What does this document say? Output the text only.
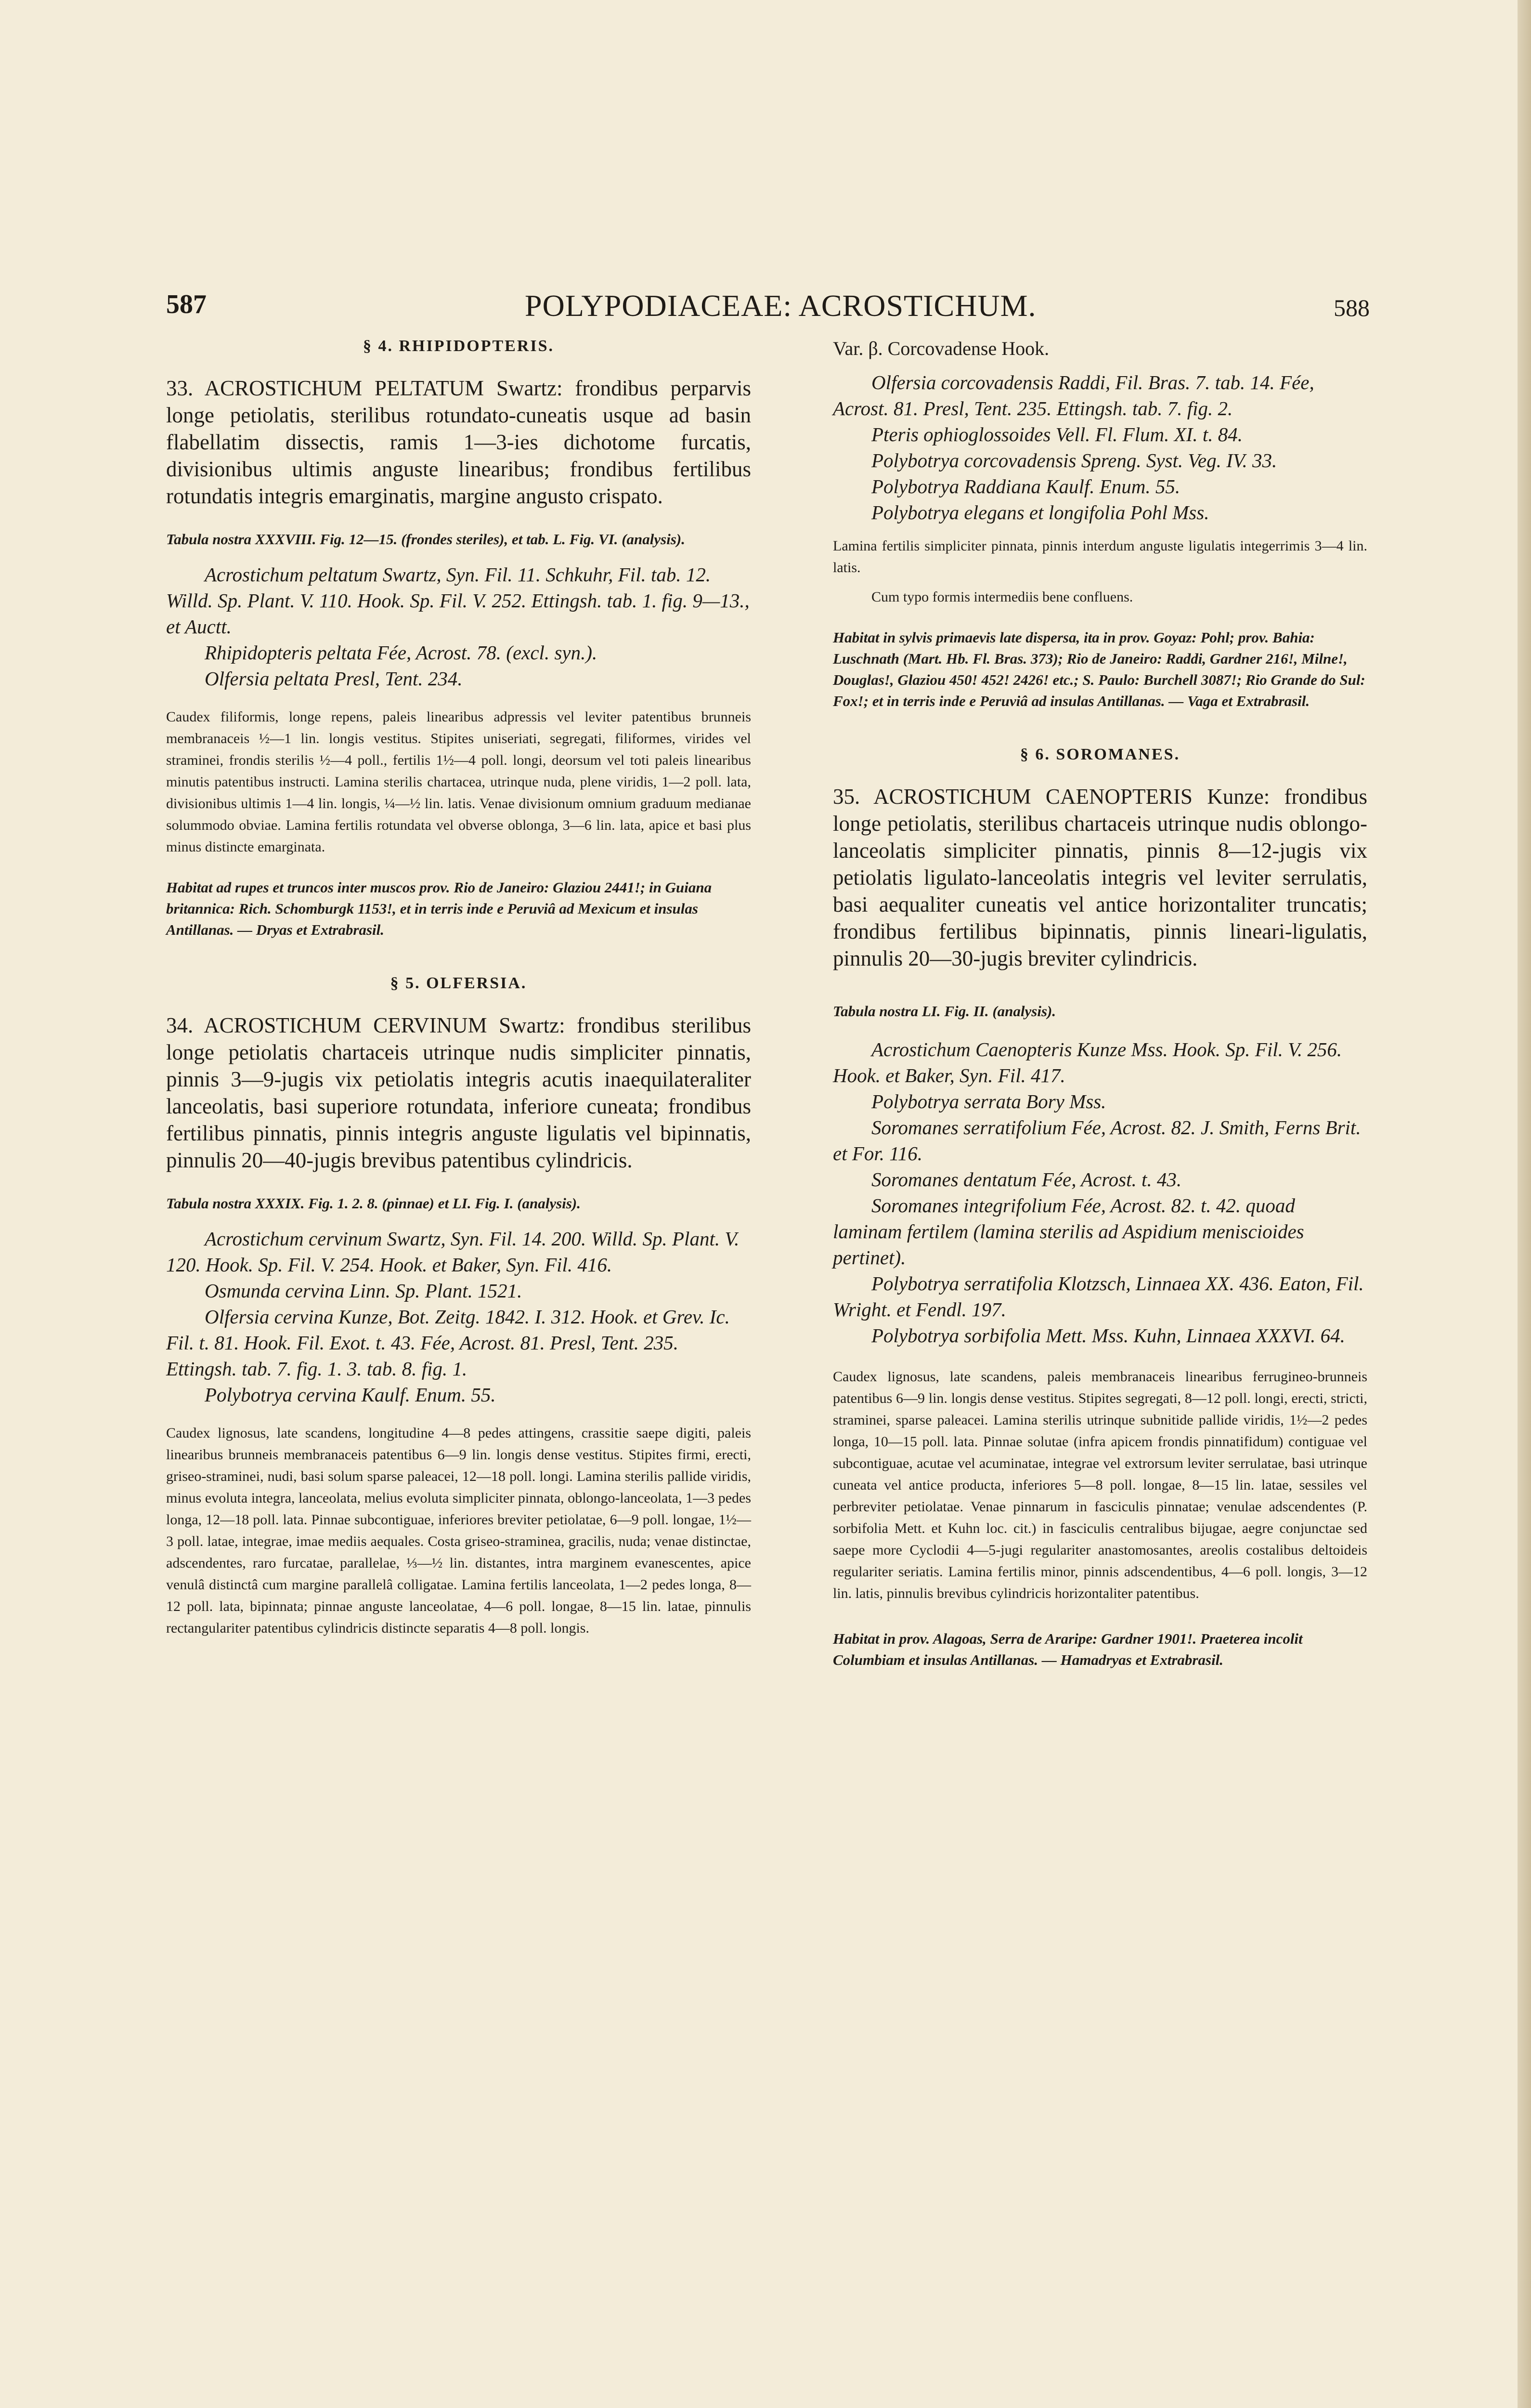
587	POLYPODIACEAE: ACROSTICHUM.	588

§ 4. RHIPIDOPTERIS.

33. ACROSTICHUM PELTATUM Swartz: frondibus perparvis longe petiolatis, sterilibus rotundato-cuneatis usque ad basin flabellatim dissectis, ramis 1—3-ies dichotome furcatis, divisionibus ultimis anguste linearibus; frondibus fertilibus rotundatis integris emarginatis, margine angusto crispato.

Tabula nostra XXXVIII. Fig. 12—15. (frondes steriles), et tab. L. Fig. VI. (analysis).

Acrostichum peltatum Swartz, Syn. Fil. 11. Schkuhr, Fil. tab. 12. Willd. Sp. Plant. V. 110. Hook. Sp. Fil. V. 252. Ettingsh. tab. 1. fig. 9—13., et Auctt.

Rhipidopteris peltata Fée, Acrost. 78. (excl. syn.).

Olfersia peltata Presl, Tent. 234.

Caudex filiformis, longe repens, paleis linearibus adpressis vel leviter patentibus brunneis membranaceis ½—1 lin. longis vestitus. Stipites uniseriati, segregati, filiformes, virides vel straminei, frondis sterilis ½—4 poll., fertilis 1½—4 poll. longi, deorsum vel toti paleis linearibus minutis patentibus instructi. Lamina sterilis chartacea, utrinque nuda, plene viridis, 1—2 poll. lata, divisionibus ultimis 1—4 lin. longis, ¼—½ lin. latis. Venae divisionum omnium graduum medianae solummodo obviae. Lamina fertilis rotundata vel obverse oblonga, 3—6 lin. lata, apice et basi plus minus distincte emarginata.

Habitat ad rupes et truncos inter muscos prov. Rio de Janeiro: Glaziou 2441!; in Guiana britannica: Rich. Schomburgk 1153!, et in terris inde e Peruviâ ad Mexicum et insulas Antillanas. — Dryas et Extrabrasil.

§ 5. OLFERSIA.

34. ACROSTICHUM CERVINUM Swartz: frondibus sterilibus longe petiolatis chartaceis utrinque nudis simpliciter pinnatis, pinnis 3—9-jugis vix petiolatis integris acutis inaequilateraliter lanceolatis, basi superiore rotundata, inferiore cuneata; frondibus fertilibus pinnatis, pinnis integris anguste ligulatis vel bipinnatis, pinnulis 20—40-jugis brevibus patentibus cylindricis.

Tabula nostra XXXIX. Fig. 1. 2. 8. (pinnae) et LI. Fig. I. (analysis).

Acrostichum cervinum Swartz, Syn. Fil. 14. 200. Willd. Sp. Plant. V. 120. Hook. Sp. Fil. V. 254. Hook. et Baker, Syn. Fil. 416.

Osmunda cervina Linn. Sp. Plant. 1521.

Olfersia cervina Kunze, Bot. Zeitg. 1842. I. 312. Hook. et Grev. Ic. Fil. t. 81. Hook. Fil. Exot. t. 43. Fée, Acrost. 81. Presl, Tent. 235. Ettingsh. tab. 7. fig. 1. 3. tab. 8. fig. 1.

Polybotrya cervina Kaulf. Enum. 55.

Caudex lignosus, late scandens, longitudine 4—8 pedes attingens, crassitie saepe digiti, paleis linearibus brunneis membranaceis patentibus 6—9 lin. longis dense vestitus. Stipites firmi, erecti, griseo-straminei, nudi, basi solum sparse paleacei, 12—18 poll. longi. Lamina sterilis pallide viridis, minus evoluta integra, lanceolata, melius evoluta simpliciter pinnata, oblongo-lanceolata, 1—3 pedes longa, 12—18 poll. lata. Pinnae subcontiguae, inferiores breviter petiolatae, 6—9 poll. longae, 1½—3 poll. latae, integrae, imae mediis aequales. Costa griseo-straminea, gracilis, nuda; venae distinctae, adscendentes, raro furcatae, parallelae, ⅓—½ lin. distantes, intra marginem evanescentes, apice venulâ distinctâ cum margine parallelâ colligatae. Lamina fertilis lanceolata, 1—2 pedes longa, 8—12 poll. lata, bipinnata; pinnae anguste lanceolatae, 4—6 poll. longae, 8—15 lin. latae, pinnulis rectangulariter patentibus cylindricis distincte separatis 4—8 poll. longis.

Var. β. Corcovadense Hook.

Olfersia corcovadensis Raddi, Fil. Bras. 7. tab. 14. Fée, Acrost. 81. Presl, Tent. 235. Ettingsh. tab. 7. fig. 2.

Pteris ophioglossoides Vell. Fl. Flum. XI. t. 84.

Polybotrya corcovadensis Spreng. Syst. Veg. IV. 33.

Polybotrya Raddiana Kaulf. Enum. 55.

Polybotrya elegans et longifolia Pohl Mss.

Lamina fertilis simpliciter pinnata, pinnis interdum anguste ligulatis integerrimis 3—4 lin. latis.

Cum typo formis intermediis bene confluens.

Habitat in sylvis primaevis late dispersa, ita in prov. Goyaz: Pohl; prov. Bahia: Luschnath (Mart. Hb. Fl. Bras. 373); Rio de Janeiro: Raddi, Gardner 216!, Milne!, Douglas!, Glaziou 450! 452! 2426! etc.; S. Paulo: Burchell 3087!; Rio Grande do Sul: Fox!; et in terris inde e Peruviâ ad insulas Antillanas. — Vaga et Extrabrasil.

§ 6. SOROMANES.

35. ACROSTICHUM CAENOPTERIS Kunze: frondibus longe petiolatis, sterilibus chartaceis utrinque nudis oblongo-lanceolatis simpliciter pinnatis, pinnis 8—12-jugis vix petiolatis ligulato-lanceolatis integris vel leviter serrulatis, basi aequaliter cuneatis vel antice horizontaliter truncatis; frondibus fertilibus bipinnatis, pinnis lineari-ligulatis, pinnulis 20—30-jugis breviter cylindricis.

Tabula nostra LI. Fig. II. (analysis).

Acrostichum Caenopteris Kunze Mss. Hook. Sp. Fil. V. 256. Hook. et Baker, Syn. Fil. 417.

Polybotrya serrata Bory Mss.

Soromanes serratifolium Fée, Acrost. 82. J. Smith, Ferns Brit. et For. 116.

Soromanes dentatum Fée, Acrost. t. 43.

Soromanes integrifolium Fée, Acrost. 82. t. 42. quoad laminam fertilem (lamina sterilis ad Aspidium meniscioides pertinet).

Polybotrya serratifolia Klotzsch, Linnaea XX. 436. Eaton, Fil. Wright. et Fendl. 197.

Polybotrya sorbifolia Mett. Mss. Kuhn, Linnaea XXXVI. 64.

Caudex lignosus, late scandens, paleis membranaceis linearibus ferrugineo-brunneis patentibus 6—9 lin. longis dense vestitus. Stipites segregati, 8—12 poll. longi, erecti, stricti, straminei, sparse paleacei. Lamina sterilis utrinque subnitide pallide viridis, 1½—2 pedes longa, 10—15 poll. lata. Pinnae solutae (infra apicem frondis pinnatifidum) contiguae vel subcontiguae, acutae vel acuminatae, integrae vel extrorsum leviter serrulatae, basi utrinque cuneata vel antice producta, inferiores 5—8 poll. longae, 8—15 lin. latae, sessiles vel perbreviter petiolatae. Venae pinnarum in fasciculis pinnatae; venulae adscendentes (P. sorbifolia Mett. et Kuhn loc. cit.) in fasciculis centralibus bijugae, aegre conjunctae sed saepe more Cyclodii 4—5-jugi regulariter anastomosantes, areolis costalibus deltoideis regulariter seriatis. Lamina fertilis minor, pinnis adscendentibus, 4—6 poll. longis, 3—12 lin. latis, pinnulis brevibus cylindricis horizontaliter patentibus.

Habitat in prov. Alagoas, Serra de Araripe: Gardner 1901!. Praeterea incolit Columbiam et insulas Antillanas. — Hamadryas et Extrabrasil.
